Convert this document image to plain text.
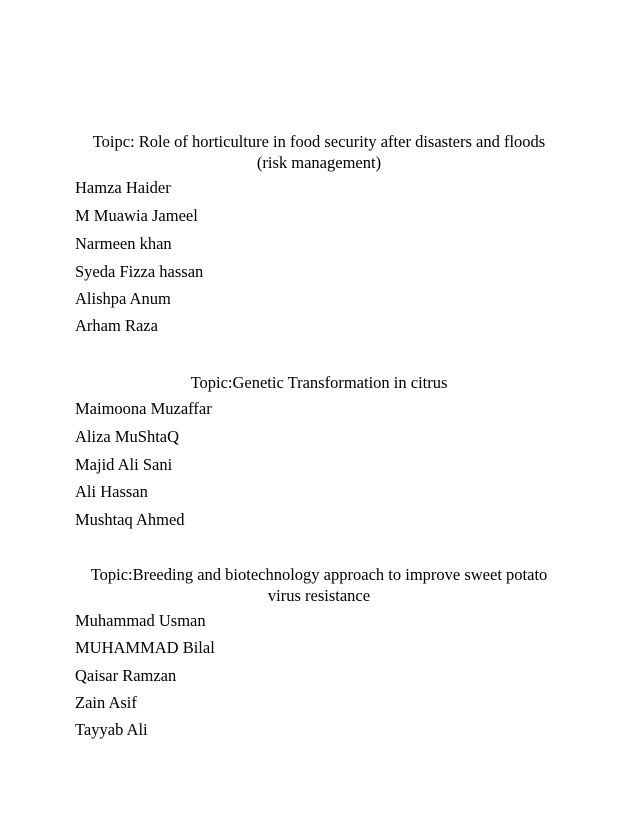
Toipc: Role of horticulture in food security after disasters and floods
(risk management)
Hamza Haider
M Muawia Jameel
Narmeen khan
Syeda Fizza hassan
Alishpa Anum
Arham Raza
Topic:Genetic Transformation in citrus
Maimoona Muzaffar
Aliza MuShtaQ
Majid Ali Sani
Ali Hassan
Mushtaq Ahmed
Topic:Breeding and biotechnology approach to improve sweet potato
virus resistance
Muhammad Usman
MUHAMMAD Bilal
Qaisar Ramzan
Zain Asif
Tayyab Ali
